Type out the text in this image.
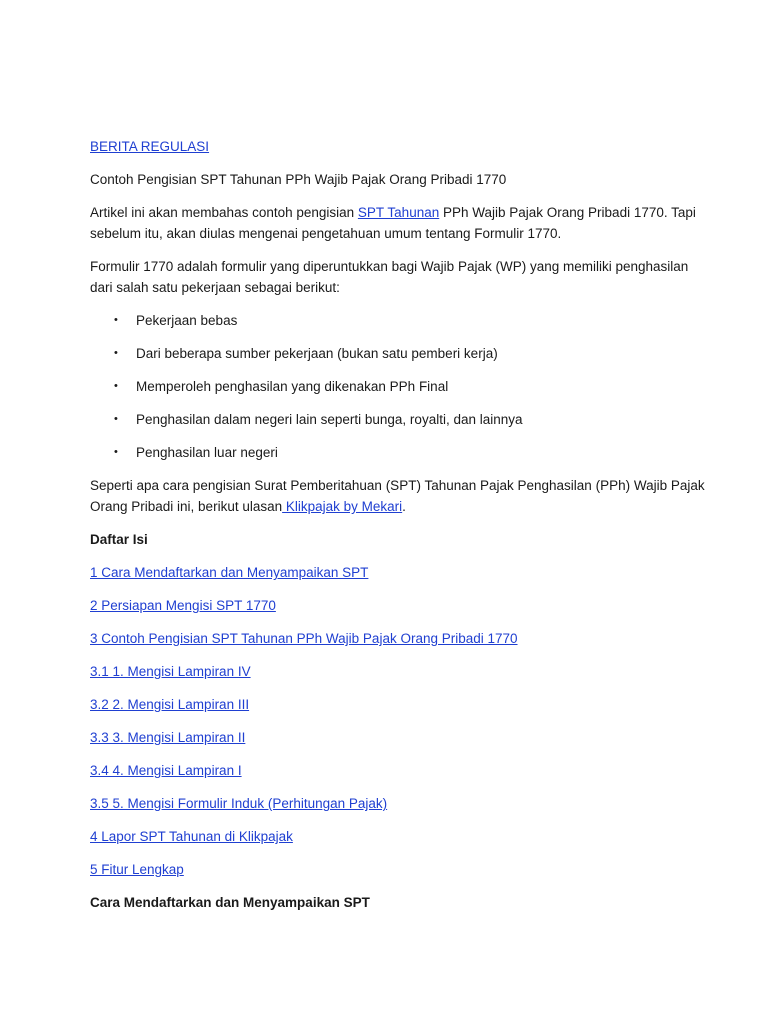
BERITA REGULASI

Contoh Pengisian SPT Tahunan PPh Wajib Pajak Orang Pribadi 1770

Artikel ini akan membahas contoh pengisian SPT Tahunan PPh Wajib Pajak Orang Pribadi 1770. Tapi sebelum itu, akan diulas mengenai pengetahuan umum tentang Formulir 1770.

Formulir 1770 adalah formulir yang diperuntukkan bagi Wajib Pajak (WP) yang memiliki penghasilan dari salah satu pekerjaan sebagai berikut:

• Pekerjaan bebas
• Dari beberapa sumber pekerjaan (bukan satu pemberi kerja)
• Memperoleh penghasilan yang dikenakan PPh Final
• Penghasilan dalam negeri lain seperti bunga, royalti, dan lainnya
• Penghasilan luar negeri

Seperti apa cara pengisian Surat Pemberitahuan (SPT) Tahunan Pajak Penghasilan (PPh) Wajib Pajak Orang Pribadi ini, berikut ulasan Klikpajak by Mekari.

Daftar Isi

1 Cara Mendaftarkan dan Menyampaikan SPT

2 Persiapan Mengisi SPT 1770

3 Contoh Pengisian SPT Tahunan PPh Wajib Pajak Orang Pribadi 1770

3.1 1. Mengisi Lampiran IV

3.2 2. Mengisi Lampiran III

3.3 3. Mengisi Lampiran II

3.4 4. Mengisi Lampiran I

3.5 5. Mengisi Formulir Induk (Perhitungan Pajak)

4 Lapor SPT Tahunan di Klikpajak

5 Fitur Lengkap

Cara Mendaftarkan dan Menyampaikan SPT
